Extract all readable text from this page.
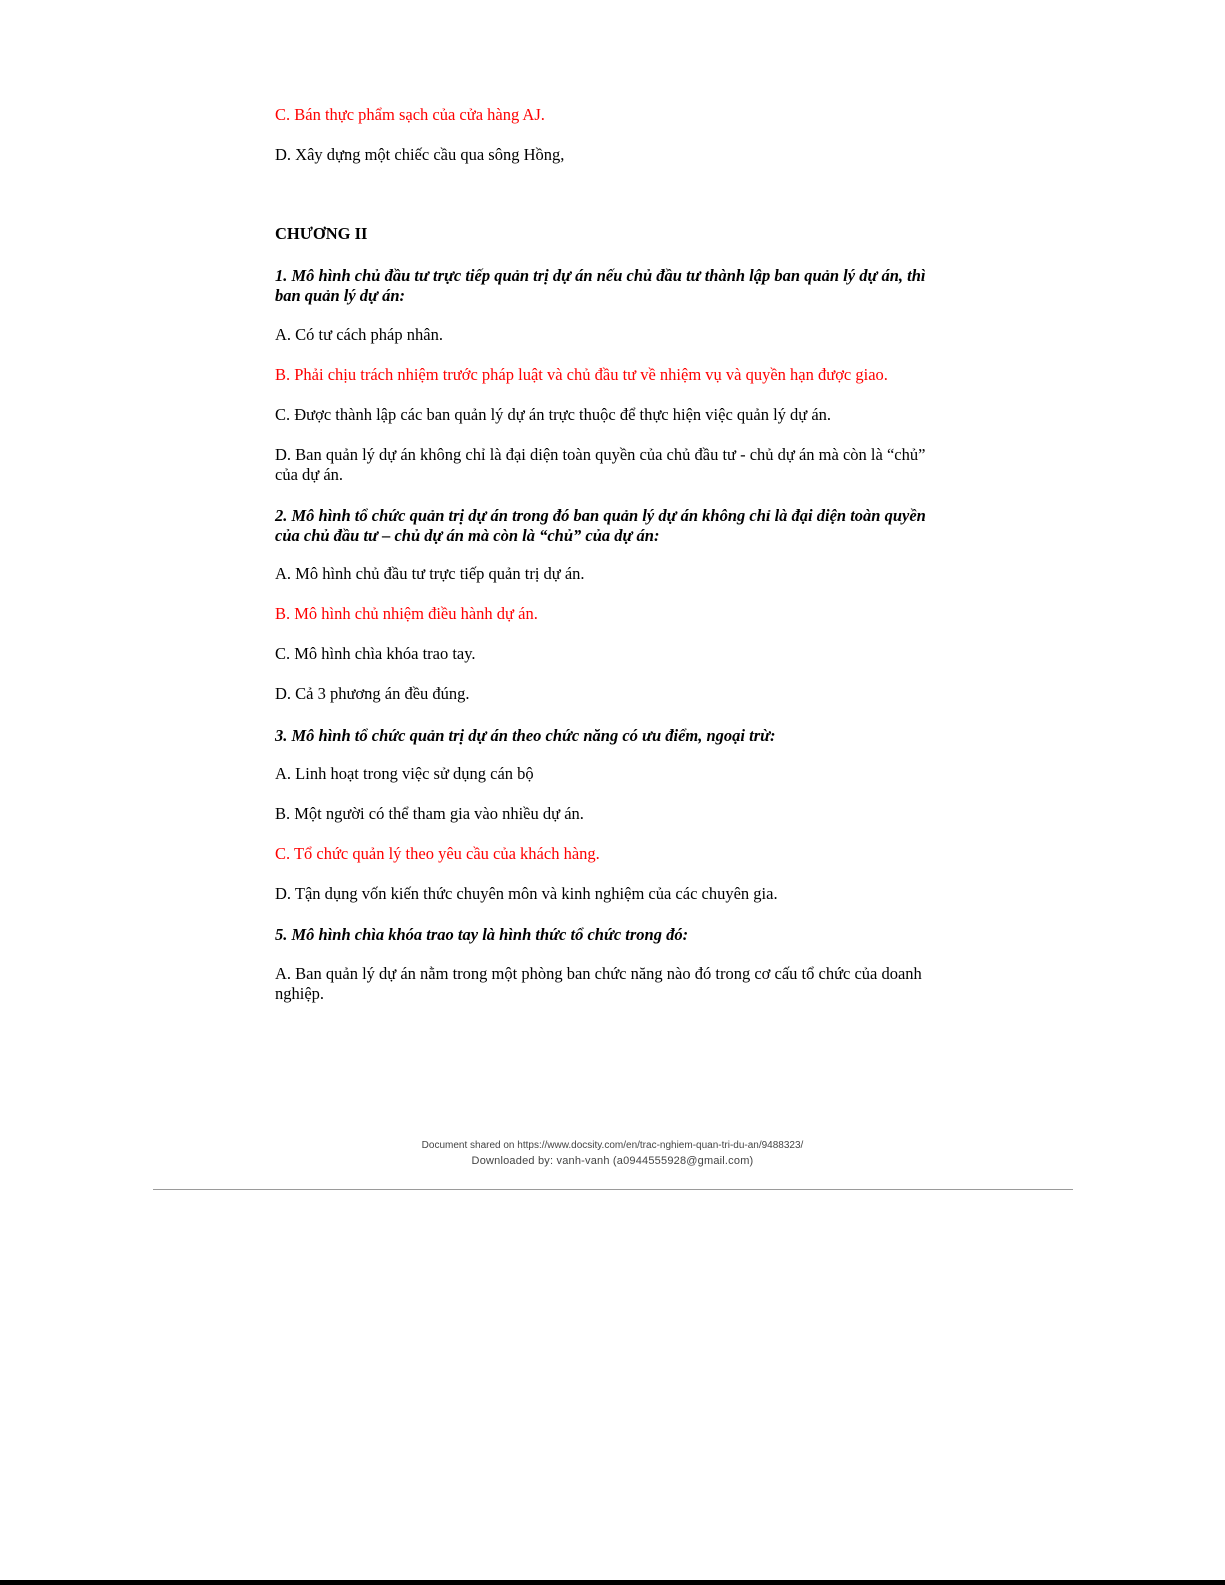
C. Bán thực phẩm sạch của cửa hàng AJ.
D. Xây dựng một chiếc cầu qua sông Hồng,
CHƯƠNG II
1. Mô hình chủ đầu tư trực tiếp quản trị dự án nếu chủ đầu tư thành lập ban quản lý dự án, thì ban quản lý dự án:
A. Có tư cách pháp nhân.
B. Phải chịu trách nhiệm trước pháp luật và chủ đầu tư về nhiệm vụ và quyền hạn được giao.
C. Được thành lập các ban quản lý dự án trực thuộc để thực hiện việc quản lý dự án.
D. Ban quản lý dự án không chỉ là đại diện toàn quyền của chủ đầu tư - chủ dự án mà còn là “chủ” của dự án.
2. Mô hình tổ chức quản trị dự án trong đó ban quản lý dự án không chỉ là đại diện toàn quyền của chủ đầu tư – chủ dự án mà còn là “chủ” của dự án:
A. Mô hình chủ đầu tư trực tiếp quản trị dự án.
B. Mô hình chủ nhiệm điều hành dự án.
C. Mô hình chìa khóa trao tay.
D. Cả 3 phương án đều đúng.
3. Mô hình tổ chức quản trị dự án theo chức năng có ưu điểm, ngoại trừ:
A. Linh hoạt trong việc sử dụng cán bộ
B. Một người có thể tham gia vào nhiều dự án.
C. Tổ chức quản lý theo yêu cầu của khách hàng.
D. Tận dụng vốn kiến thức chuyên môn và kinh nghiệm của các chuyên gia.
5. Mô hình chìa khóa trao tay là hình thức tổ chức trong đó:
A. Ban quản lý dự án nằm trong một phòng ban chức năng nào đó trong cơ cấu tổ chức của doanh nghiệp.
Document shared on https://www.docsity.com/en/trac-nghiem-quan-tri-du-an/9488323/
Downloaded by: vanh-vanh (a0944555928@gmail.com)
